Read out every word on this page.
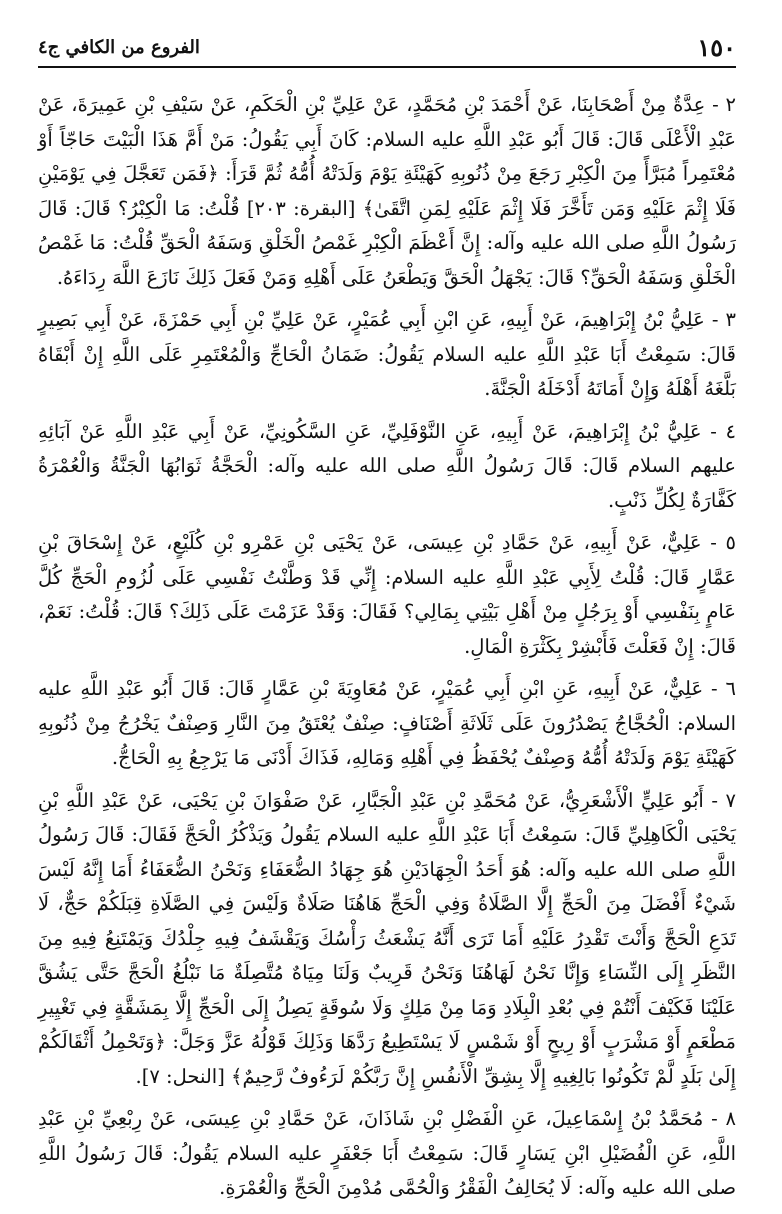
١٥٠
الفروع من الكافي ج٤

٢ - عِدَّةٌ مِنْ أَصْحَابِنَا، عَنْ أَحْمَدَ بْنِ مُحَمَّدٍ، عَنْ عَلِيِّ بْنِ الْحَكَمِ، عَنْ سَيْفِ بْنِ عَمِيرَةَ، عَنْ عَبْدِ الْأَعْلَى قَالَ: قَالَ أَبُو عَبْدِ اللَّهِ عليه السلام: كَانَ أَبِي يَقُولُ: مَنْ أَمَّ هَذَا الْبَيْتَ حَاجّاً أَوْ مُعْتَمِراً مُبَرَّأً مِنَ الْكِبْرِ رَجَعَ مِنْ ذُنُوبِهِ كَهَيْئَةِ يَوْمَ وَلَدَتْهُ أُمُّهُ ثُمَّ قَرَأَ: ﴿فَمَن تَعَجَّلَ فِي يَوْمَيْنِ فَلَا إِثْمَ عَلَيْهِ وَمَن تَأَخَّرَ فَلَا إِثْمَ عَلَيْهِ لِمَنِ اتَّقَىٰ﴾ [البقرة: ٢٠٣] قُلْتُ: مَا الْكِبْرُ؟ قَالَ: قَالَ رَسُولُ اللَّهِ صلى الله عليه وآله: إِنَّ أَعْظَمَ الْكِبْرِ غَمْصُ الْخَلْقِ وَسَفَهُ الْحَقِّ قُلْتُ: مَا غَمْصُ الْخَلْقِ وَسَفَهُ الْحَقِّ؟ قَالَ: يَجْهَلُ الْحَقَّ وَيَطْعَنُ عَلَى أَهْلِهِ وَمَنْ فَعَلَ ذَلِكَ نَازَعَ اللَّهَ رِدَاءَهُ.

٣ - عَلِيُّ بْنُ إِبْرَاهِيمَ، عَنْ أَبِيهِ، عَنِ ابْنِ أَبِي عُمَيْرٍ، عَنْ عَلِيِّ بْنِ أَبِي حَمْزَةَ، عَنْ أَبِي بَصِيرٍ قَالَ: سَمِعْتُ أَبَا عَبْدِ اللَّهِ عليه السلام يَقُولُ: ضَمَانُ الْحَاجِّ وَالْمُعْتَمِرِ عَلَى اللَّهِ إِنْ أَبْقَاهُ بَلَّغَهُ أَهْلَهُ وَإِنْ أَمَاتَهُ أَدْخَلَهُ الْجَنَّةَ.

٤ - عَلِيُّ بْنُ إِبْرَاهِيمَ، عَنْ أَبِيهِ، عَنِ النَّوْفَلِيِّ، عَنِ السَّكُونِيِّ، عَنْ أَبِي عَبْدِ اللَّهِ عَنْ آبَائِهِ عليهم السلام قَالَ: قَالَ رَسُولُ اللَّهِ صلى الله عليه وآله: الْحَجَّةُ ثَوَابُهَا الْجَنَّةُ وَالْعُمْرَةُ كَفَّارَةٌ لِكُلِّ ذَنْبٍ.

٥ - عَلِيٌّ، عَنْ أَبِيهِ، عَنْ حَمَّادِ بْنِ عِيسَى، عَنْ يَحْيَى بْنِ عَمْرِو بْنِ كُلَيْعٍ، عَنْ إِسْحَاقَ بْنِ عَمَّارٍ قَالَ: قُلْتُ لِأَبِي عَبْدِ اللَّهِ عليه السلام: إِنِّي قَدْ وَطَّنْتُ نَفْسِي عَلَى لُزُومِ الْحَجِّ كُلَّ عَامٍ بِنَفْسِي أَوْ بِرَجُلٍ مِنْ أَهْلِ بَيْتِي بِمَالِي؟ فَقَالَ: وَقَدْ عَزَمْتَ عَلَى ذَلِكَ؟ قَالَ: قُلْتُ: نَعَمْ، قَالَ: إِنْ فَعَلْتَ فَأَبْشِرْ بِكَثْرَةِ الْمَالِ.

٦ - عَلِيٌّ، عَنْ أَبِيهِ، عَنِ ابْنِ أَبِي عُمَيْرٍ، عَنْ مُعَاوِيَةَ بْنِ عَمَّارٍ قَالَ: قَالَ أَبُو عَبْدِ اللَّهِ عليه السلام: الْحُجَّاجُ يَصْدُرُونَ عَلَى ثَلَاثَةِ أَصْنَافٍ: صِنْفٌ يُعْتَقُ مِنَ النَّارِ وَصِنْفٌ يَخْرُجُ مِنْ ذُنُوبِهِ كَهَيْئَةِ يَوْمَ وَلَدَتْهُ أُمُّهُ وَصِنْفٌ يُحْفَظُ فِي أَهْلِهِ وَمَالِهِ، فَذَاكَ أَدْنَى مَا يَرْجِعُ بِهِ الْحَاجُّ.

٧ - أَبُو عَلِيٍّ الْأَشْعَرِيُّ، عَنْ مُحَمَّدِ بْنِ عَبْدِ الْجَبَّارِ، عَنْ صَفْوَانَ بْنِ يَحْيَى، عَنْ عَبْدِ اللَّهِ بْنِ يَحْيَى الْكَاهِلِيِّ قَالَ: سَمِعْتُ أَبَا عَبْدِ اللَّهِ عليه السلام يَقُولُ وَيَذْكُرُ الْحَجَّ فَقَالَ: قَالَ رَسُولُ اللَّهِ صلى الله عليه وآله: هُوَ أَحَدُ الْجِهَادَيْنِ هُوَ جِهَادُ الضُّعَفَاءِ وَنَحْنُ الضُّعَفَاءُ أَمَا إِنَّهُ لَيْسَ شَيْءٌ أَفْضَلَ مِنَ الْحَجِّ إِلَّا الصَّلَاةُ وَفِي الْحَجِّ هَاهُنَا صَلَاةٌ وَلَيْسَ فِي الصَّلَاةِ قِبَلَكُمْ حَجٌّ، لَا تَدَعِ الْحَجَّ وَأَنْتَ تَقْدِرُ عَلَيْهِ أَمَا تَرَى أَنَّهُ يَشْعَثُ رَأْسُكَ وَيَقْشَفُ فِيهِ جِلْدُكَ وَيَمْتَنِعُ فِيهِ مِنَ النَّظَرِ إِلَى النِّسَاءِ وَإِنَّا نَحْنُ لَهَاهُنَا وَنَحْنُ قَرِيبٌ وَلَنَا مِيَاهٌ مُتَّصِلَةٌ مَا نَبْلُغُ الْحَجَّ حَتَّى يَشُقَّ عَلَيْنَا فَكَيْفَ أَنْتُمْ فِي بُعْدِ الْبِلَادِ وَمَا مِنْ مَلِكٍ وَلَا سُوقَةٍ يَصِلُ إِلَى الْحَجِّ إِلَّا بِمَشَقَّةٍ فِي تَغْيِيرِ مَطْعَمٍ أَوْ مَشْرَبٍ أَوْ رِيحٍ أَوْ شَمْسٍ لَا يَسْتَطِيعُ رَدَّهَا وَذَلِكَ قَوْلُهُ عَزَّ وَجَلَّ: ﴿وَتَحْمِلُ أَثْقَالَكُمْ إِلَىٰ بَلَدٍ لَّمْ تَكُونُوا بَالِغِيهِ إِلَّا بِشِقِّ الْأَنفُسِ إِنَّ رَبَّكُمْ لَرَءُوفٌ رَّحِيمٌ﴾ [النحل: ٧].

٨ - مُحَمَّدُ بْنُ إِسْمَاعِيلَ، عَنِ الْفَضْلِ بْنِ شَاذَانَ، عَنْ حَمَّادِ بْنِ عِيسَى، عَنْ رِبْعِيِّ بْنِ عَبْدِ اللَّهِ، عَنِ الْفُضَيْلِ ابْنِ يَسَارٍ قَالَ: سَمِعْتُ أَبَا جَعْفَرٍ عليه السلام يَقُولُ: قَالَ رَسُولُ اللَّهِ صلى الله عليه وآله: لَا يُحَالِفُ الْفَقْرُ وَالْحُمَّى مُدْمِنَ الْحَجِّ وَالْعُمْرَةِ.
